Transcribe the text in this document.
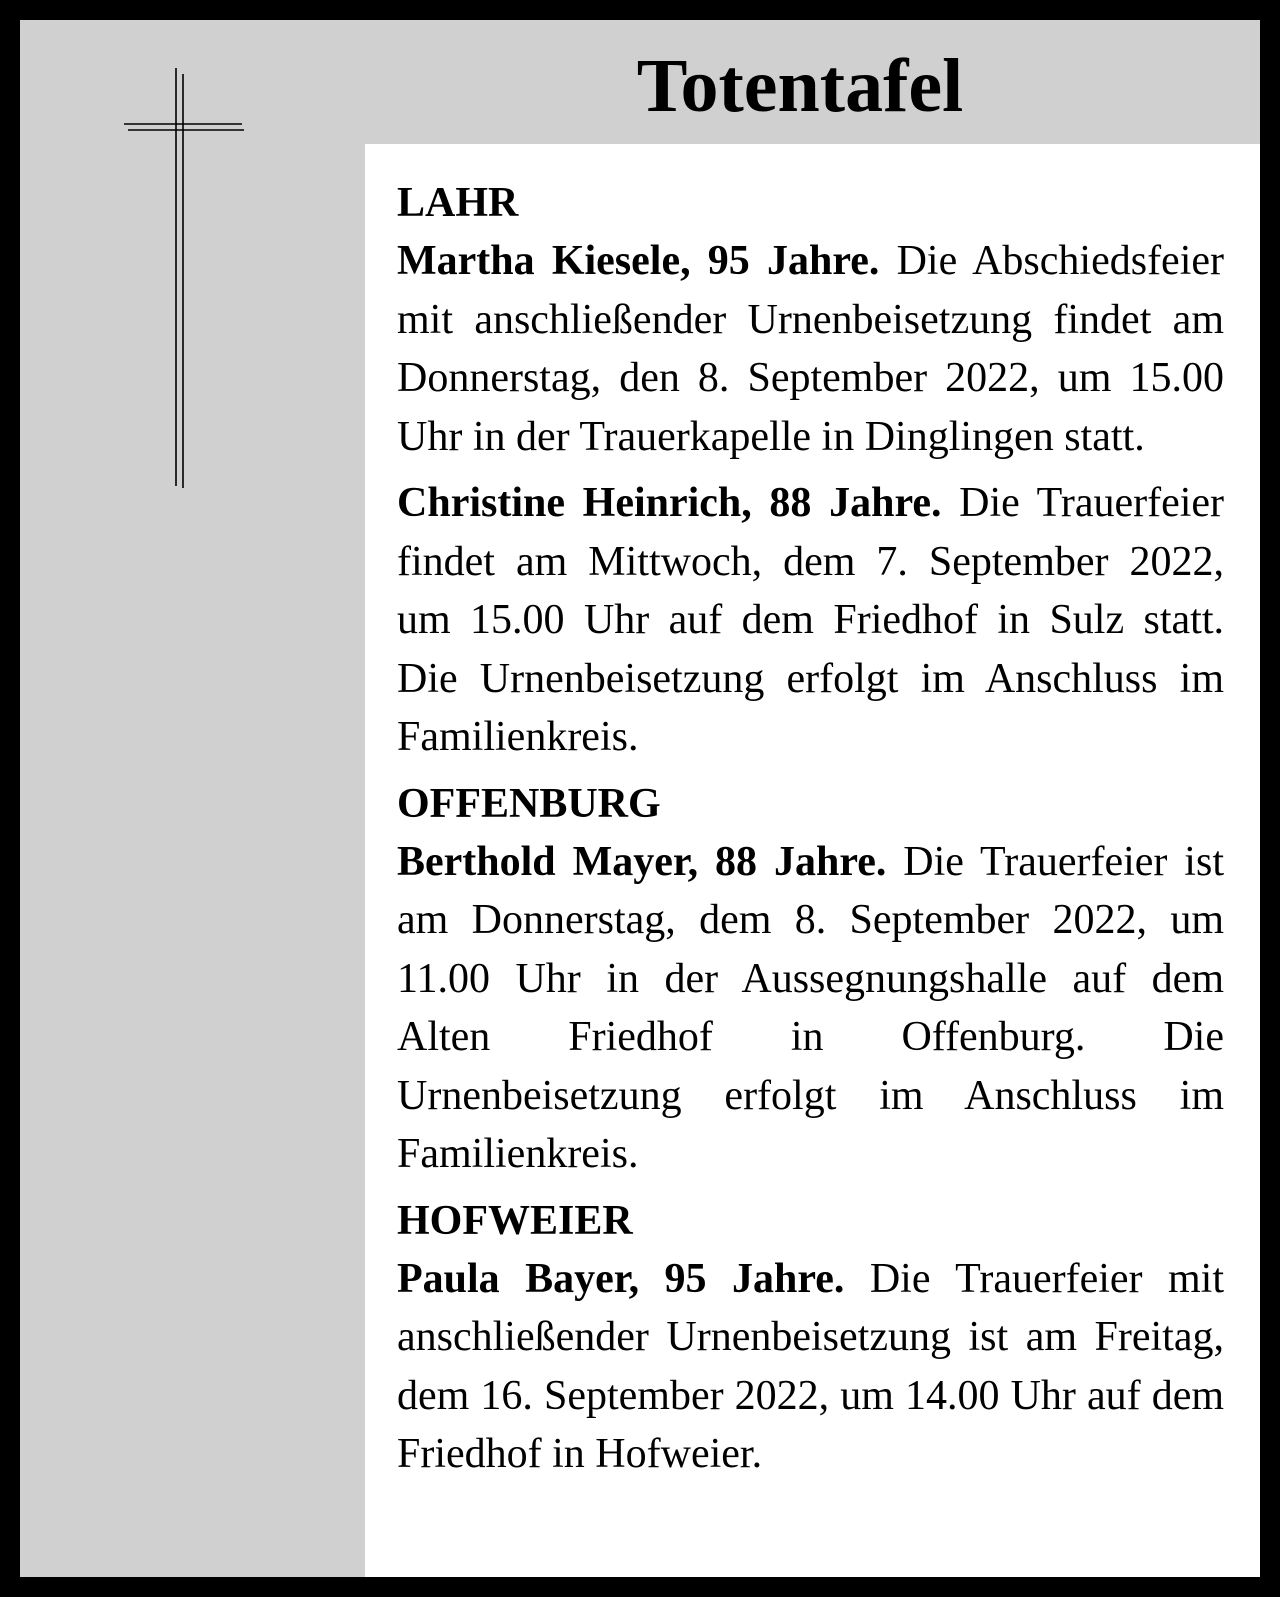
Totentafel

LAHR

Martha Kiesele, 95 Jahre. Die Abschiedsfeier mit anschließender Urnenbeisetzung findet am Donnerstag, den 8. September 2022, um 15.00 Uhr in der Trauerkapelle in Dinglingen statt.

Christine Heinrich, 88 Jahre. Die Trauerfeier findet am Mittwoch, dem 7. September 2022, um 15.00 Uhr auf dem Friedhof in Sulz statt. Die Urnenbeisetzung erfolgt im Anschluss im Familienkreis.

OFFENBURG

Berthold Mayer, 88 Jahre. Die Trauerfeier ist am Donnerstag, dem 8. September 2022, um 11.00 Uhr in der Aussegnungshalle auf dem Alten Friedhof in Offenburg. Die Urnenbeisetzung erfolgt im Anschluss im Familienkreis.

HOFWEIER

Paula Bayer, 95 Jahre. Die Trauerfeier mit anschließender Urnenbeisetzung ist am Freitag, dem 16. September 2022, um 14.00 Uhr auf dem Friedhof in Hofweier.
